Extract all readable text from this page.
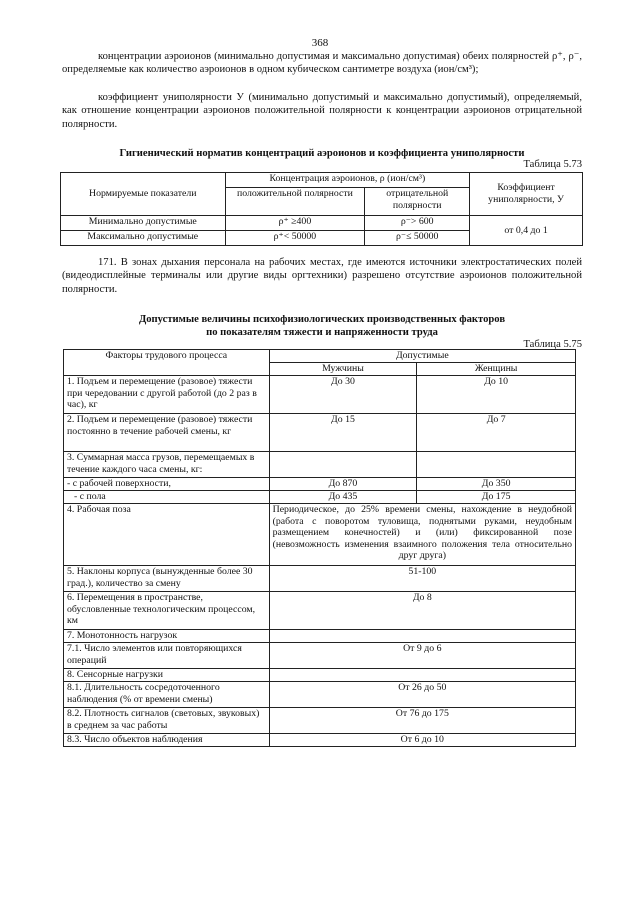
368
концентрации аэроионов (минимально допустимая и максимально допустимая) обеих полярностей ρ⁺, ρ⁻, определяемые как количество аэроионов в одном кубическом сантиметре воздуха (ион/см³);
коэффициент униполярности У (минимально допустимый и максимально допустимый), определяемый, как отношение концентрации аэроионов положительной полярности к концентрации аэроионов отрицательной полярности.
Гигиенический норматив концентраций аэроионов и коэффициента униполярности
Таблица 5.73
Нормируемые показатели	Концентрация аэроионов, ρ (ион/см³)		Коэффициент униполярности, У
	положительной полярности	отрицательной полярности	
Минимально допустимые	ρ⁺ ≥400	ρ⁻> 600	от 0,4 до 1
Максимально допустимые	ρ⁺< 50000	ρ⁻≤ 50000	
171. В зонах дыхания персонала на рабочих местах, где имеются источники электростатических полей (видеодисплейные терминалы или другие виды оргтехники) разрешено отсутствие аэроионов положительной полярности.
Допустимые величины психофизиологических производственных факторов
по показателям тяжести и напряженности труда
Таблица 5.75
Факторы трудового процесса	Допустимые	
	Мужчины	Женщины
1. Подъем и перемещение (разовое) тяжести при чередовании с другой работой (до 2 раз в час), кг	До 30	До 10
2. Подъем и перемещение (разовое) тяжести постоянно в течение рабочей смены, кг	До 15	До 7
3. Суммарная масса грузов, перемещаемых в течение каждого часа смены, кг:		
- с рабочей поверхности,	До 870	До 350
- с пола	До 435	До 175
4. Рабочая поза	Периодическое, до 25% времени смены, нахождение в неудобной (работа с поворотом туловища, поднятыми руками, неудобным размещением конечностей) и (или) фиксированной позе (невозможность изменения взаимного положения тела относительно друг друга)	
5. Наклоны корпуса (вынужденные более 30 град.), количество за смену	51-100	
6. Перемещения в пространстве, обусловленные технологическим процессом, км	До 8	
7. Монотонность нагрузок		
7.1. Число элементов или повторяющихся операций	От 9 до 6	
8. Сенсорные нагрузки		
8.1. Длительность сосредоточенного наблюдения (% от времени смены)	От 26 до 50	
8.2. Плотность сигналов (световых, звуковых) в среднем за час работы	От 76 до 175	
8.3. Число объектов наблюдения	От 6 до 10	
